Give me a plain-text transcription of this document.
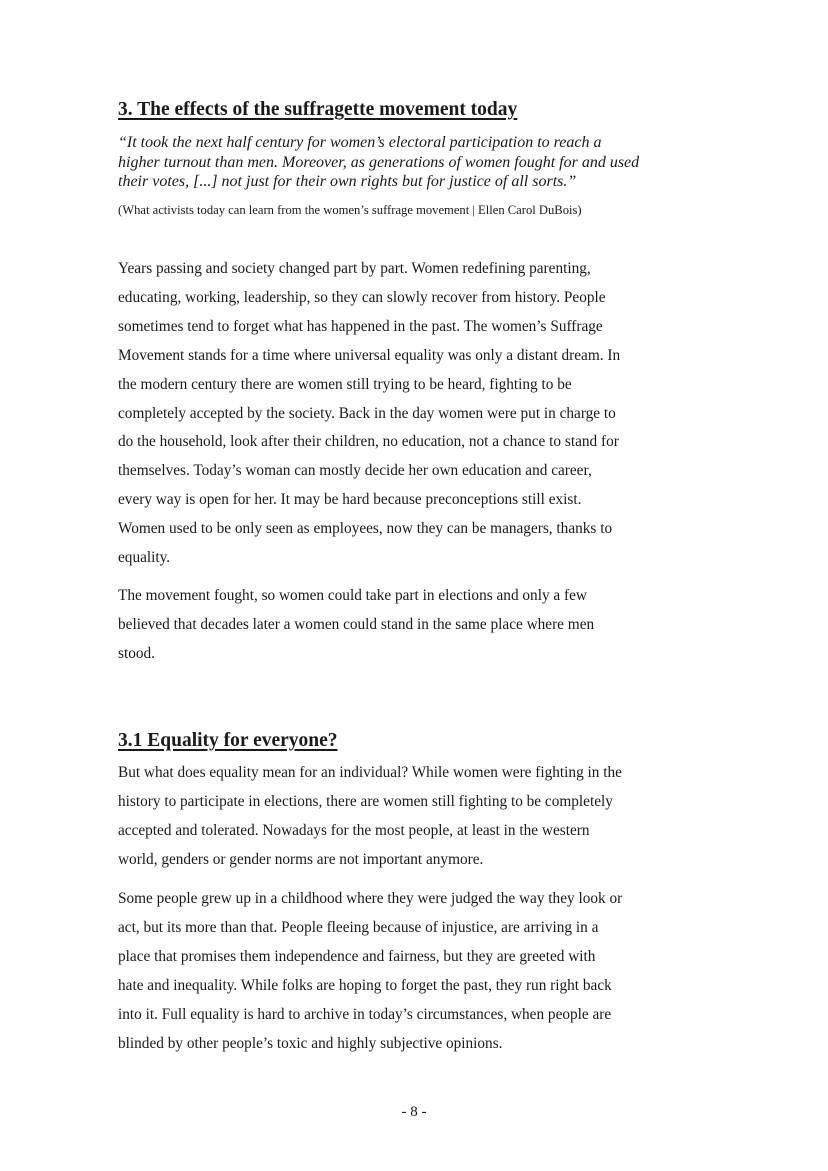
3. The effects of the suffragette movement today
“It took the next half century for women’s electoral participation to reach a
higher turnout than men. Moreover, as generations of women fought for and used
their votes, [...] not just for their own rights but for justice of all sorts.”

(What activists today can learn from the women’s suffrage movement | Ellen Carol DuBois)

Years passing and society changed part by part. Women redefining parenting,
educating, working, leadership, so they can slowly recover from history. People
sometimes tend to forget what has happened in the past. The women’s Suffrage
Movement stands for a time where universal equality was only a distant dream. In
the modern century there are women still trying to be heard, fighting to be
completely accepted by the society. Back in the day women were put in charge to
do the household, look after their children, no education, not a chance to stand for
themselves. Today’s woman can mostly decide her own education and career,
every way is open for her. It may be hard because preconceptions still exist.
Women used to be only seen as employees, now they can be managers, thanks to
equality.
The movement fought, so women could take part in elections and only a few
believed that decades later a women could stand in the same place where men
stood.
3.1 Equality for everyone?
But what does equality mean for an individual? While women were fighting in the
history to participate in elections, there are women still fighting to be completely
accepted and tolerated. Nowadays for the most people, at least in the western
world, genders or gender norms are not important anymore.
Some people grew up in a childhood where they were judged the way they look or
act, but its more than that. People fleeing because of injustice, are arriving in a
place that promises them independence and fairness, but they are greeted with
hate and inequality. While folks are hoping to forget the past, they run right back
into it. Full equality is hard to archive in today’s circumstances, when people are
blinded by other people’s toxic and highly subjective opinions.

- 8 -
